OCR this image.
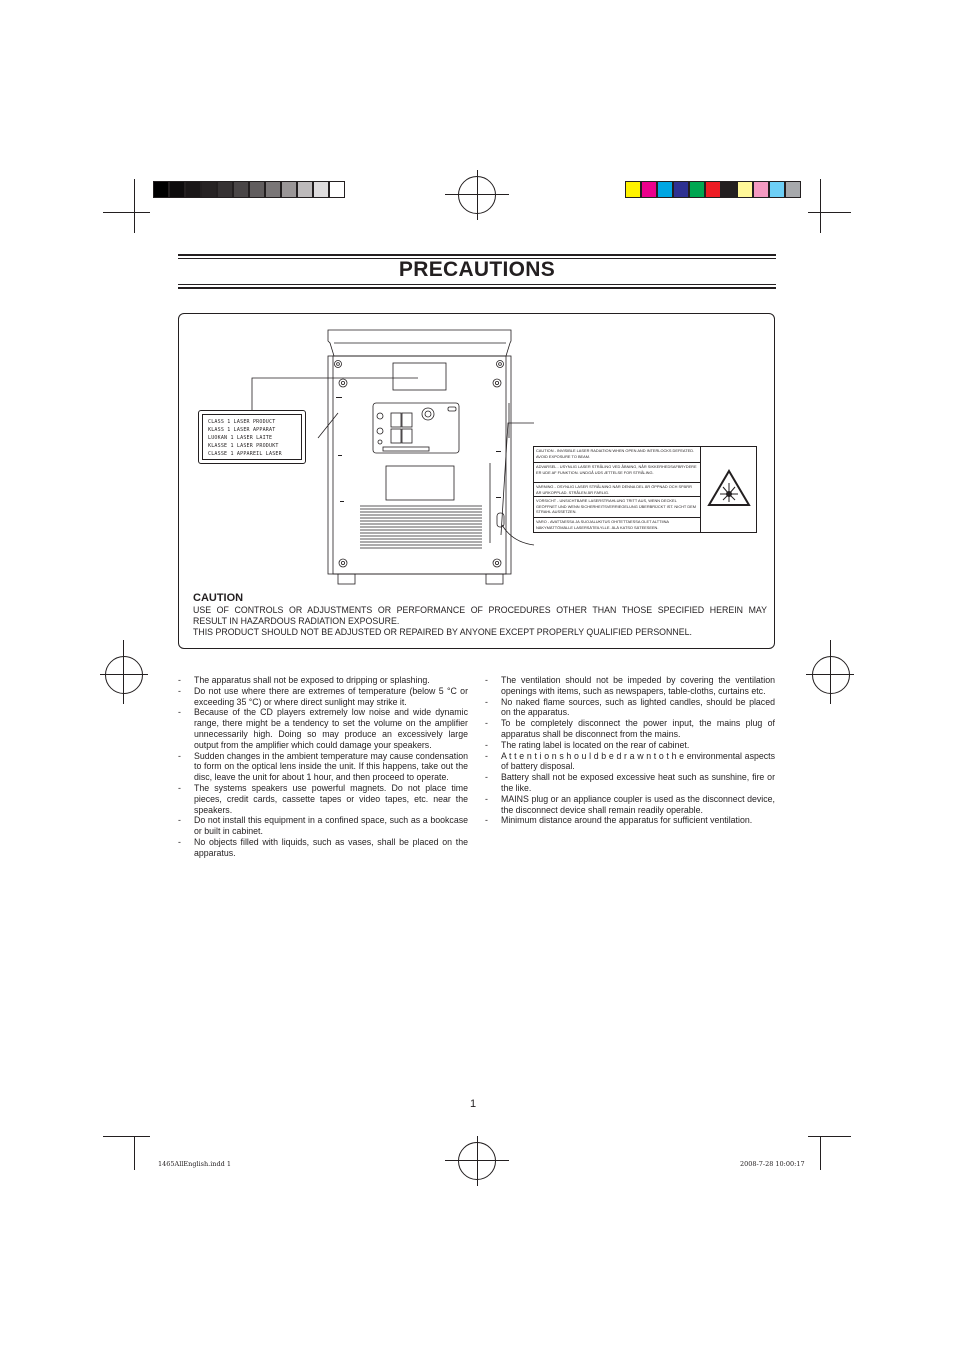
PRECAUTIONS
CLASS 1 LASER PRODUCT
KLASS 1 LASER APPARAT
LUOKAN 1 LASER LAITE
KLASSE 1 LASER PRODUKT
CLASSE 1 APPAREIL LASER
CAUTION - INVISIBLE LASER RADIATION WHEN OPEN AND INTERLOCKS DEFEATED. AVOID EXPOSURE TO BEAM.
ADVARSEL - USYNLIG LASER STRÅLING VED ÅBNING, NÅR SIKKERHEDSAFBRYDERE ER UDE AF FUNKTION. UNDGÅ UDS ÆTTELSE FOR STRÅLING.
VARNING - OSYNLIG LASER STRÅLNING NÄR DENNA DEL ÄR ÖPPNAD OCH SPÄRR ÄR URKOPPLAD. STRÅLEN ÄR FARLIG.
VORSICHT - UNSICHTBARE LASERSTRAHLUNG TRITT AUS, WENN DECKEL GEÖFFNET UND WENN SICHERHEITSVERRIEGELUNG ÜBERBRÜCKT IST. NICHT DEM STRAHL AUSSETZEN.
VARO - AVATTAESSA JA SUOJALUKITUS OHITETTAESSA OLET ALTTIINA NÄKYMÄTTÖMÄLLE LASERSÄTEILYLLE. ÄLÄ KATSO SÄTEESEEN.
CAUTION
USE OF CONTROLS OR ADJUSTMENTS OR PERFORMANCE OF PROCEDURES OTHER THAN THOSE SPECIFIED HEREIN MAY
RESULT IN HAZARDOUS RADIATION EXPOSURE.
THIS PRODUCT SHOULD NOT BE ADJUSTED OR REPAIRED BY ANYONE EXCEPT PROPERLY QUALIFIED PERSONNEL.
- The apparatus shall not be exposed to dripping or splashing.

- Do not use where there are extremes of temperature (below 5 °C or exceeding 35 °C) or where direct sunlight may strike it.

- Because of the CD players extremely low noise and wide dynamic range, there might be a tendency to set the volume on the amplifier unnecessarily high. Doing so may produce an excessively large output from the amplifier which could damage your speakers.

- Sudden changes in the ambient temperature may cause condensation to form on the optical lens inside the unit. If this happens, take out the disc, leave the unit for about 1 hour, and then proceed to operate.

- The systems speakers use powerful magnets. Do not place time pieces, credit cards, cassette tapes or video tapes, etc. near the speakers.

- Do not install this equipment in a confined space, such as a bookcase or built in cabinet.

- No objects filled with liquids, such as vases, shall be placed on the apparatus.

- The ventilation should not be impeded by covering the ventilation openings with items, such as newspapers, table-cloths, curtains etc.

- No naked flame sources, such as lighted candles, should be placed on the apparatus.

- To be completely disconnect the power input, the mains plug of apparatus shall be disconnect from the mains.

- The rating label is located on the rear of cabinet.

- A t t e n t i o n s h o u l d b e d r a w n t o t h e environmental aspects of battery disposal.

- Battery shall not be exposed excessive heat such as sunshine, fire or the like.

- MAINS plug or an appliance coupler is used as the disconnect device, the disconnect device shall remain readily operable.

- Minimum distance around the apparatus for sufficient ventilation.

1
1465AllEnglish.indd 1	2008-7-28 10:00:17
